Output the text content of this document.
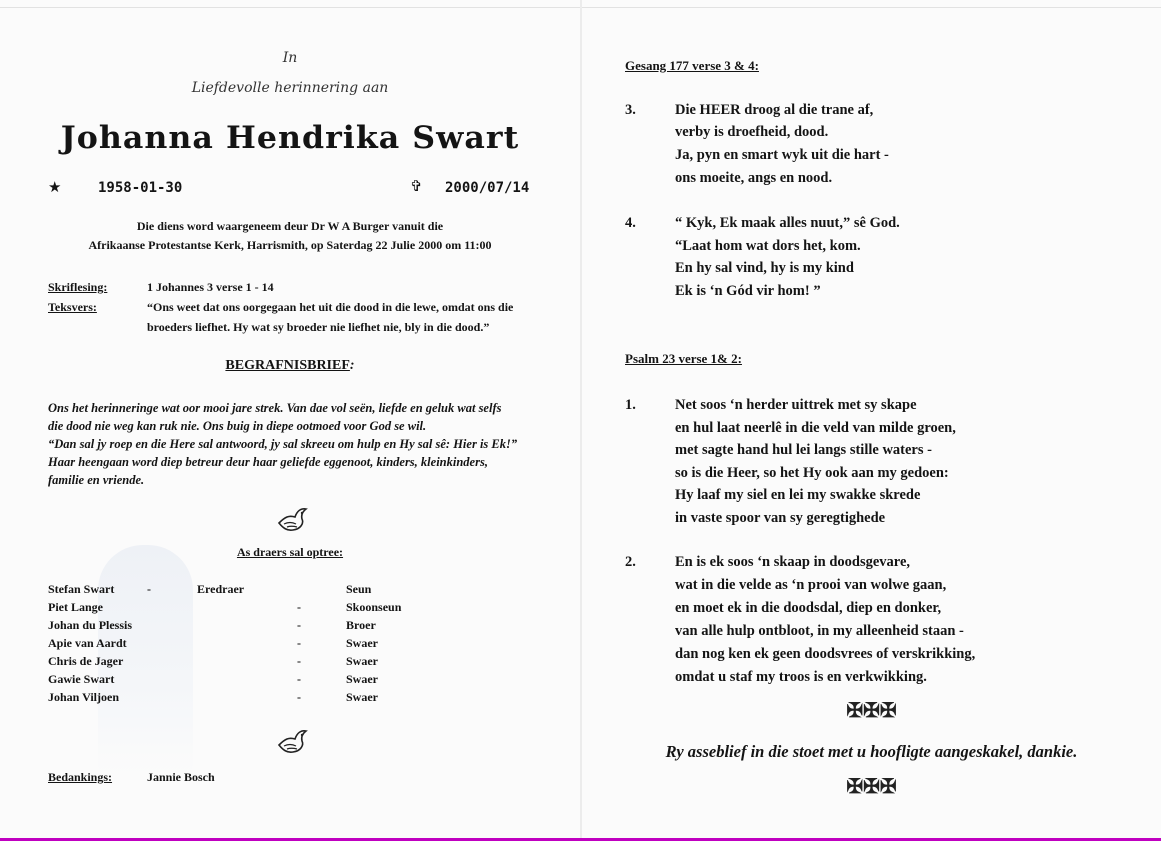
In
Liefdevolle herinnering aan
Johanna Hendrika Swart
★	1958-01-30	✞ 2000/07/14
Die diens word waargeneem deur Dr W A Burger vanuit die
Afrikaanse Protestantse Kerk, Harrismith, op Saterdag 22 Julie 2000 om 11:00
Skriflesing:	1 Johannes 3 verse 1 - 14
Teksvers:	“Ons weet dat ons oorgegaan het uit die dood in die lewe, omdat ons die
broeders liefhet. Hy wat sy broeder nie liefhet nie, bly in die dood.”
BEGRAFNISBRIEF:
Ons het herinneringe wat oor mooi jare strek. Van dae vol seën, liefde en geluk wat selfs
die dood nie weg kan ruk nie. Ons buig in diepe ootmoed voor God se wil.
“Dan sal jy roep en die Here sal antwoord, jy sal skreeu om hulp en Hy sal sê: Hier is Ek!”
Haar heengaan word diep betreur deur haar geliefde eggenoot, kinders, kleinkinders,
familie en vriende.
As draers sal optree:
Stefan Swart	-	Eredraer	Seun
Piet Lange	-	Skoonseun
Johan du Plessis	-	Broer
Apie van Aardt	-	Swaer
Chris de Jager	-	Swaer
Gawie Swart	-	Swaer
Johan Viljoen	-	Swaer
Bedankings:	Jannie Bosch
Gesang 177 verse 3 & 4:
3.	Die HEER droog al die trane af,
verby is droefheid, dood.
Ja, pyn en smart wyk uit die hart -
ons moeite, angs en nood.
4.	“ Kyk, Ek maak alles nuut,” sê God.
“Laat hom wat dors het, kom.
En hy sal vind, hy is my kind
Ek is ‘n Gód vir hom! ”
Psalm 23 verse 1& 2:
1.	Net soos ‘n herder uittrek met sy skape
en hul laat neerlê in die veld van milde groen,
met sagte hand hul lei langs stille waters -
so is die Heer, so het Hy ook aan my gedoen:
Hy laaf my siel en lei my swakke skrede
in vaste spoor van sy geregtighede
2.	En is ek soos ‘n skaap in doodsgevare,
wat in die velde as ‘n prooi van wolwe gaan,
en moet ek in die doodsdal, diep en donker,
van alle hulp ontbloot, in my alleenheid staan -
dan nog ken ek geen doodsvrees of verskrikking,
omdat u staf my troos is en verkwikking.
✠✠✠
Ry asseblief in die stoet met u hoofligte aangeskakel, dankie.
✠✠✠
